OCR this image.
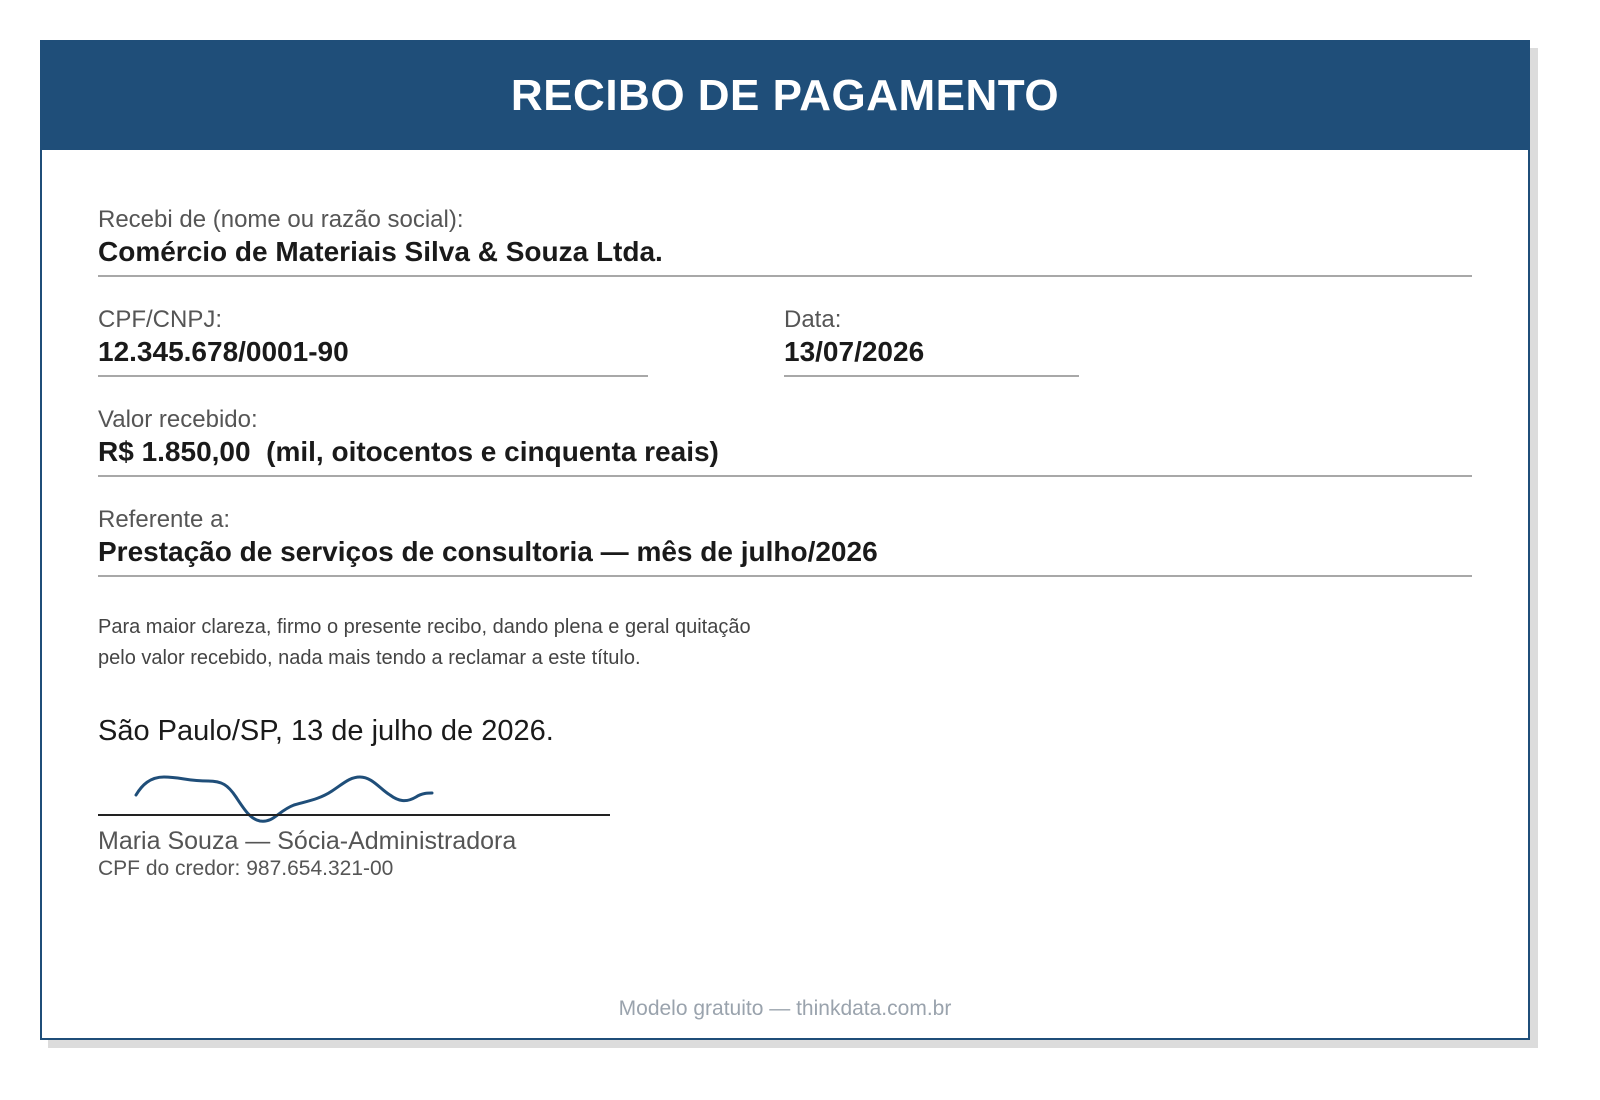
RECIBO DE PAGAMENTO
Recebi de (nome ou razão social):
Comércio de Materiais Silva & Souza Ltda.
CPF/CNPJ:
12.345.678/0001-90
Data:
13/07/2026
Valor recebido:
R$ 1.850,00  (mil, oitocentos e cinquenta reais)
Referente a:
Prestação de serviços de consultoria — mês de julho/2026
Para maior clareza, firmo o presente recibo, dando plena e geral quitação
pelo valor recebido, nada mais tendo a reclamar a este título.
São Paulo/SP, 13 de julho de 2026.
Maria Souza — Sócia-Administradora
CPF do credor: 987.654.321-00
Modelo gratuito — thinkdata.com.br
